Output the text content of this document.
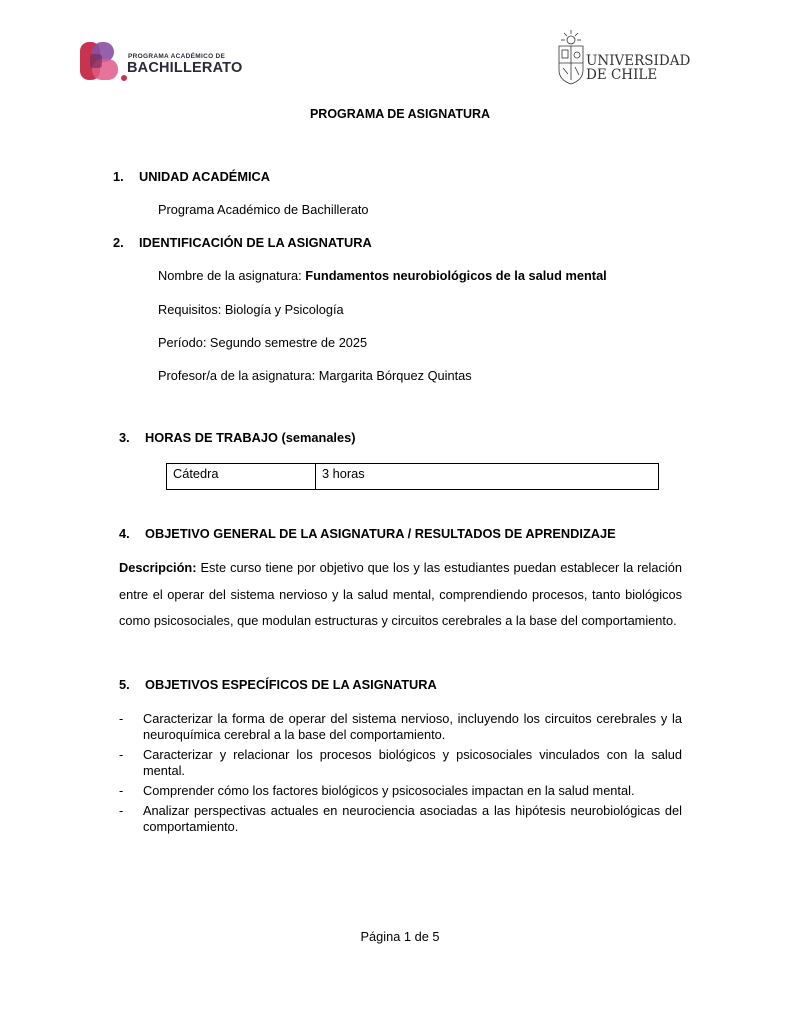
PROGRAMA ACADÉMICO DE
BACHILLERATO	UNIVERSIDAD
DE CHILE
PROGRAMA DE ASIGNATURA
1. UNIDAD ACADÉMICA
Programa Académico de Bachillerato
2. IDENTIFICACIÓN DE LA ASIGNATURA
Nombre de la asignatura: Fundamentos neurobiológicos de la salud mental
Requisitos: Biología y Psicología
Período: Segundo semestre de 2025
Profesor/a de la asignatura: Margarita Bórquez Quintas
3. HORAS DE TRABAJO (semanales)
Cátedra	3 horas
4. OBJETIVO GENERAL DE LA ASIGNATURA / RESULTADOS DE APRENDIZAJE
Descripción: Este curso tiene por objetivo que los y las estudiantes puedan establecer la relación entre el operar del sistema nervioso y la salud mental, comprendiendo procesos, tanto biológicos como psicosociales, que modulan estructuras y circuitos cerebrales a la base del comportamiento.
5. OBJETIVOS ESPECÍFICOS DE LA ASIGNATURA
- Caracterizar la forma de operar del sistema nervioso, incluyendo los circuitos cerebrales y la neuroquímica cerebral a la base del comportamiento.
- Caracterizar y relacionar los procesos biológicos y psicosociales vinculados con la salud mental.
- Comprender cómo los factores biológicos y psicosociales impactan en la salud mental.
- Analizar perspectivas actuales en neurociencia asociadas a las hipótesis neurobiológicas del comportamiento.
Página 1 de 5
